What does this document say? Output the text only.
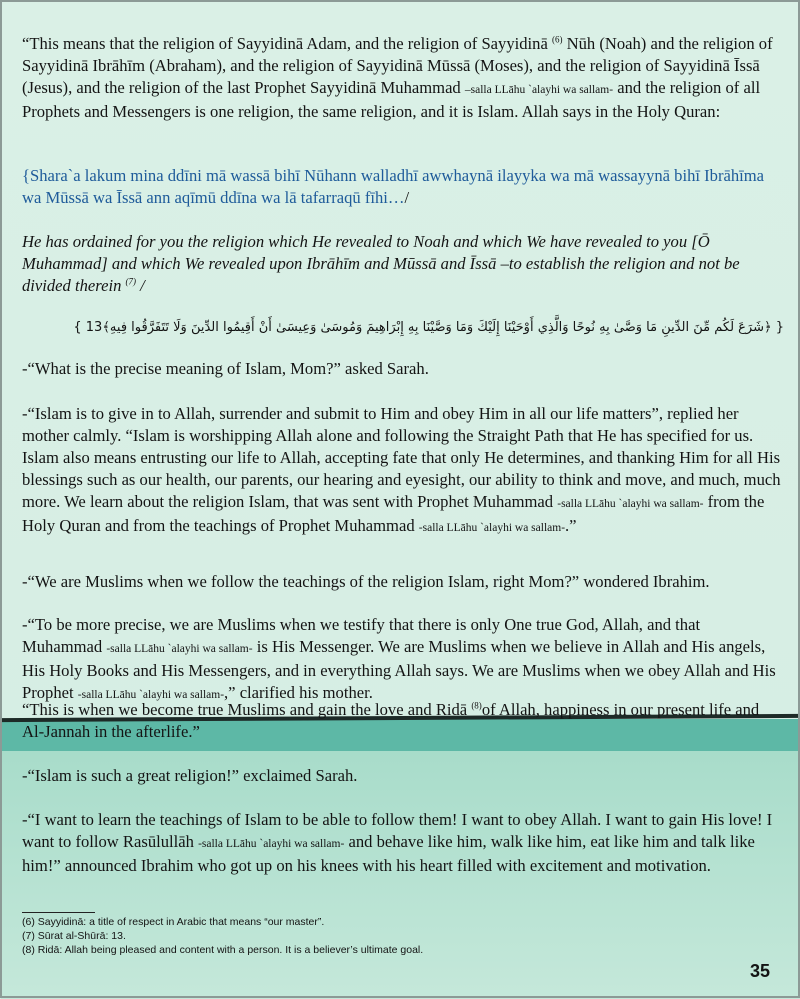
“This means that the religion of Sayyidinā Adam, and the religion of Sayyidinā $^{(6)}$ Nūh (Noah) and the religion of Sayyidinā Ibrāhīm (Abraham), and the religion of Sayyidinā Mūssā (Moses), and the religion of Sayyidinā Īssā (Jesus), and the religion of the last Prophet Sayyidinā Muhammad –salla LLāhu `alayhi wa sallam- and the religion of all Prophets and Messengers is one religion, the same religion, and it is Islam. Allah says in the Holy Quran:

{Shara`a lakum mina ddīni mā wassā bihī Nūhann walladhī awwhaynā ilayyka wa mā wassayynā bihī Ibrāhīma wa Mūssā wa Īssā ann aqīmū ddīna wa lā tafarraqū fīhi…/

He has ordained for you the religion which He revealed to Noah and which We have revealed to you [Ō Muhammad] and which We revealed upon Ibrāhīm and Mūssā and Īssā –to establish the religion and not be divided therein $^{(7)}$ /

{ ﴿شَرَعَ لَكُم مِّنَ الدِّينِ مَا وَصَّىٰ بِهِ نُوحًا وَالَّذِي أَوْحَيْنَا إِلَيْكَ وَمَا وَصَّيْنَا بِهِ إِبْرَاهِيمَ وَمُوسَىٰ وَعِيسَىٰ أَنْ أَقِيمُوا الدِّينَ وَلَا تَتَفَرَّقُوا فِيهِ﴾13 }

-“What is the precise meaning of Islam, Mom?” asked Sarah.

-“Islam is to give in to Allah, surrender and submit to Him and obey Him in all our life matters”, replied her mother calmly. “Islam is worshipping Allah alone and following the Straight Path that He has specified for us. Islam also means entrusting our life to Allah, accepting fate that only He determines, and thanking Him for all His blessings such as our health, our parents, our hearing and eyesight, our ability to think and move, and much, much more. We learn about the religion Islam, that was sent with Prophet Muhammad -salla LLāhu `alayhi wa sallam- from the Holy Quran and from the teachings of Prophet Muhammad -salla LLāhu `alayhi wa sallam-.”

-“We are Muslims when we follow the teachings of the religion Islam, right Mom?” wondered Ibrahim.

-“To be more precise, we are Muslims when we testify that there is only One true God, Allah, and that Muhammad -salla LLāhu `alayhi wa sallam- is His Messenger. We are Muslims when we believe in Allah and His angels, His Holy Books and His Messengers, and in everything Allah says. We are Muslims when we obey Allah and His Prophet -salla LLāhu `alayhi wa sallam-,” clarified his mother.

“This is when we become true Muslims and gain the love and Ridā $^{(8)}$of Allah, happiness in our present life and Al-Jannah in the afterlife.”

-“Islam is such a great religion!” exclaimed Sarah.

-“I want to learn the teachings of Islam to be able to follow them! I want to obey Allah. I want to gain His love! I want to follow Rasūlullāh -salla LLāhu `alayhi wa sallam- and behave like him, walk like him, eat like him and talk like him!” announced Ibrahim who got up on his knees with his heart filled with excitement and motivation.

(6) Sayyidinā: a title of respect in Arabic that means “our master”.
(7) Sūrat al-Shūrā: 13.
(8) Ridā: Allah being pleased and content with a person. It is a believer’s ultimate goal.
35
